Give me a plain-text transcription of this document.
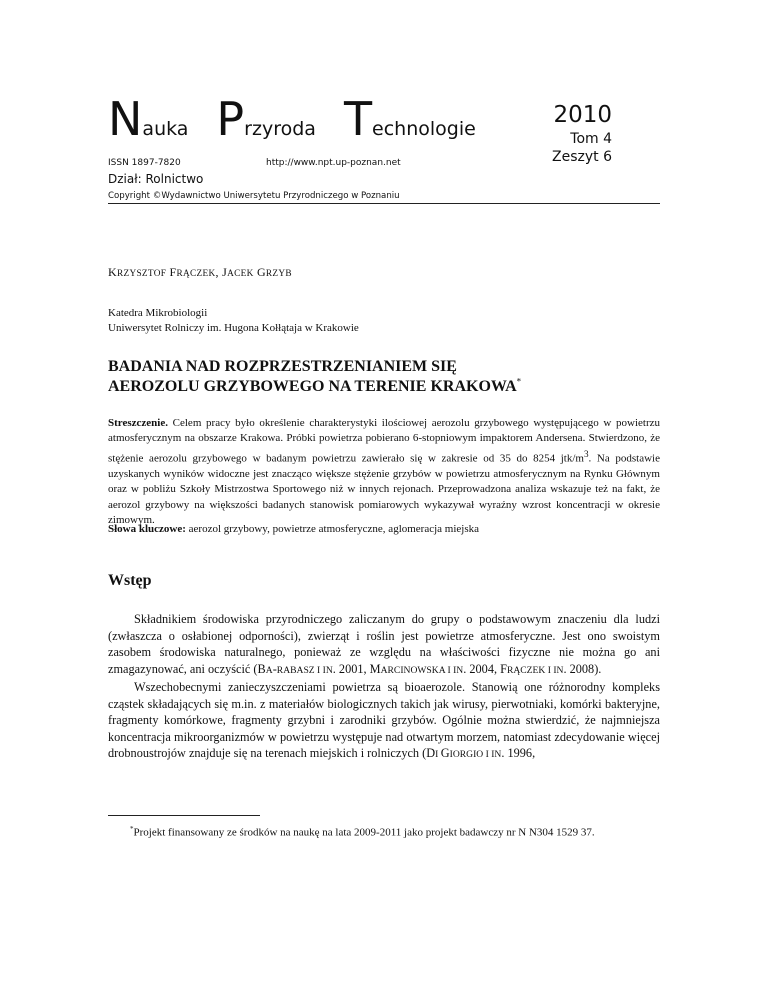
Nauka Przyroda Technologie
ISSN 1897-7820	http://www.npt.up-poznan.net
Dział: Rolnictwo
Copyright ©Wydawnictwo Uniwersytetu Przyrodniczego w Poznaniu
2010
Tom 4
Zeszyt 6
KRZYSZTOF FRĄCZEK, JACEK GRZYB
Katedra Mikrobiologii
Uniwersytet Rolniczy im. Hugona Kołłątaja w Krakowie
BADANIA NAD ROZPRZESTRZENIANIEM SIĘ
AEROZOLU GRZYBOWEGO NA TERENIE KRAKOWA*
Streszczenie. Celem pracy było określenie charakterystyki ilościowej aerozolu grzybowego występującego w powietrzu atmosferycznym na obszarze Krakowa. Próbki powietrza pobierano 6-stopniowym impaktorem Andersena. Stwierdzono, że stężenie aerozolu grzybowego w badanym powietrzu zawierało się w zakresie od 35 do 8254 jtk/$m^3$. Na podstawie uzyskanych wyników widoczne jest znacząco większe stężenie grzybów w powietrzu atmosferycznym na Rynku Głównym oraz w pobliżu Szkoły Mistrzostwa Sportowego niż w innych rejonach. Przeprowadzona analiza wskazuje też na fakt, że aerozol grzybowy na większości badanych stanowisk pomiarowych wykazywał wyraźny wzrost koncentracji w okresie zimowym.
Słowa kluczowe: aerozol grzybowy, powietrze atmosferyczne, aglomeracja miejska
Wstęp

Składnikiem środowiska przyrodniczego zaliczanym do grupy o podstawowym znaczeniu dla ludzi (zwłaszcza o osłabionej odporności), zwierząt i roślin jest powietrze atmosferyczne. Jest ono swoistym zasobem środowiska naturalnego, ponieważ ze względu na właściwości fizyczne nie można go ani zmagazynować, ani oczyścić (BA-RABASZ I IN. 2001, MARCINOWSKA I IN. 2004, FRĄCZEK I IN. 2008).

Wszechobecnymi zanieczyszczeniami powietrza są bioaerozole. Stanowią one różnorodny kompleks cząstek składających się m.in. z materiałów biologicznych takich jak wirusy, pierwotniaki, komórki bakteryjne, fragmenty komórkowe, fragmenty grzybni i zarodniki grzybów. Ogólnie można stwierdzić, że najmniejsza koncentracja mikroorganizmów w powietrzu występuje nad otwartym morzem, natomiast zdecydowanie więcej drobnoustrojów znajduje się na terenach miejskich i rolniczych (DI GIORGIO I IN. 1996,

*Projekt finansowany ze środków na naukę na lata 2009-2011 jako projekt badawczy nr N N304 1529 37.
